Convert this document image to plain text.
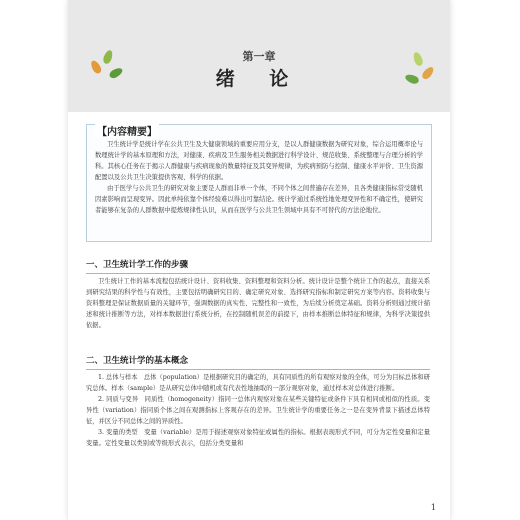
第一章
绪 论
【内容精要】

卫生统计学是统计学在公共卫生及大健康领域的重要应用分支，是以人群健康数据为研究对象，综合运用概率论与数理统计学的基本原理和方法，对健康、疾病及卫生服务相关数据进行科学设计、规范收集、系统整理与合理分析的学科。其核心任务在于揭示人群健康与疾病现象的数量特征及其变异规律，为疾病预防与控制、健康水平评价、卫生资源配置以及公共卫生决策提供客观、科学的依据。

由于医学与公共卫生的研究对象主要是人群而非单一个体，不同个体之间普遍存在差异，且各类健康指标常受随机因素影响而呈现变异。因此单纯依靠个体经验难以得出可靠结论。统计学通过系统性地处理变异性和不确定性，使研究者能够在复杂的人群数据中提炼规律性认识，从而在医学与公共卫生领域中具有不可替代的方法论地位。

一、卫生统计学工作的步骤

卫生统计工作的基本流程包括统计设计、资料收集、资料整理和资料分析。统计设计是整个统计工作的起点，直接关系到研究结果的科学性与有效性，主要包括明确研究目的、确定研究对象、选择研究指标和制定研究方案等内容。资料收集与资料整理是保证数据质量的关键环节，强调数据的真实性、完整性和一致性，为后续分析奠定基础。资料分析则通过统计描述和统计推断等方法，对样本数据进行系统分析，在控制随机误差的前提下，由样本推断总体特征和规律，为科学决策提供依据。

二、卫生统计学的基本概念

1. 总体与样本　总体（population）是根据研究目的确定的，具有同质性的所有观察对象的全体，可分为目标总体和研究总体。样本（sample）是从研究总体中随机或有代表性地抽取的一部分观察对象，通过样本对总体进行推断。

2. 同质与变异　同质性（homogeneity）指同一总体内观察对象在某些关键特征或条件下具有相同或相似的性质。变异性（variation）指同质个体之间在观测指标上客观存在的差异。卫生统计学的重要任务之一是在变异背景下描述总体特征，并区分不同总体之间的异质性。

3. 变量的类型　变量（variable）是用于描述观察对象特征或属性的指标。根据表现形式不同，可分为定性变量和定量变量。定性变量以类别或等级形式表示，包括分类变量和

1
